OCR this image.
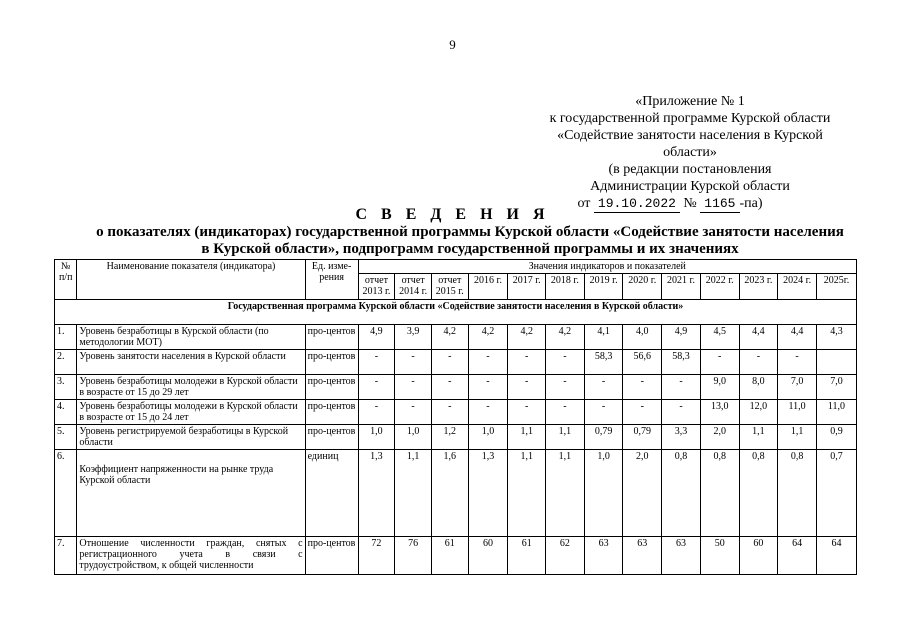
9
«Приложение № 1
к государственной программе Курской области
«Содействие занятости населения в Курской
области»
(в редакции постановления
Администрации Курской области
от 19.10.2022 № 1165 -па)
С В Е Д Е Н И Я
о показателях (индикаторах) государственной программы Курской области «Содействие занятости населения
в Курской области», подпрограмм государственной программы и их значениях
№ п/п	Наименование показателя (индикатора)	Ед. изме-рения	Значения индикаторов и показателей												
			отчет 2013 г.	отчет 2014 г.	отчет 2015 г.	2016 г.	2017 г.	2018 г.	2019 г.	2020 г.	2021 г.	2022 г.	2023 г.	2024 г.	2025г.
Государственная программа Курской области «Содействие занятости населения в Курской области»															
1.	Уровень безработицы в Курской области (по методологии МОТ)	про-центов	4,9	3,9	4,2	4,2	4,2	4,2	4,1	4,0	4,9	4,5	4,4	4,4	4,3
2.	Уровень занятости населения в Курской области	про-центов	-	-	-	-	-	-	58,3	56,6	58,3	-	-	-	
3.	Уровень безработицы молодежи в Курской области в возрасте от 15 до 29 лет	про-центов	-	-	-	-	-	-	-	-	-	9,0	8,0	7,0	7,0
4.	Уровень безработицы молодежи в Курской области в возрасте от 15 до 24 лет	про-центов	-	-	-	-	-	-	-	-	-	13,0	12,0	11,0	11,0
5.	Уровень регистрируемой безработицы в Курской области	про-центов	1,0	1,0	1,2	1,0	1,1	1,1	0,79	0,79	3,3	2,0	1,1	1,1	0,9
6.	Коэффициент напряженности на рынке труда Курской области	единиц	1,3	1,1	1,6	1,3	1,1	1,1	1,0	2,0	0,8	0,8	0,8	0,8	0,7
7.	Отношение численности граждан, снятых с регистрационного учета в связи с трудоустройством, к общей численности	про-центов	72	76	61	60	61	62	63	63	63	50	60	64	64
